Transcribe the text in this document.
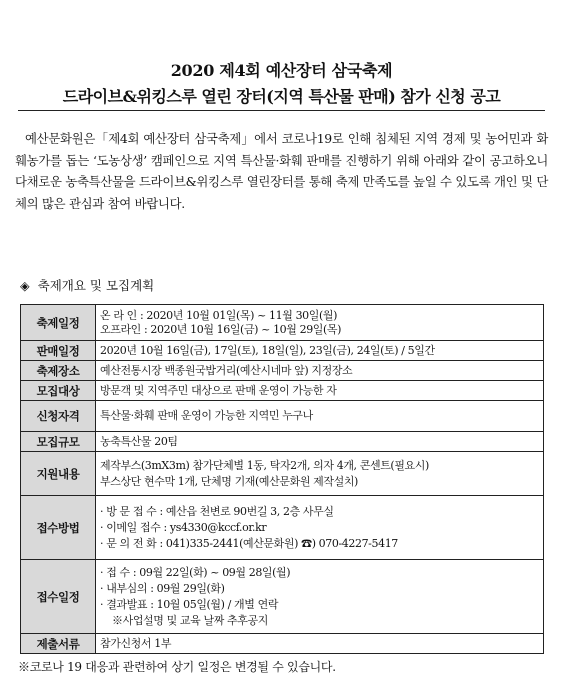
2020 제4회 예산장터 삼국축제
드라이브&위킹스루 열린 장터(지역 특산물 판매) 참가 신청 공고

예산문화원은「제4회 예산장터 삼국축제」에서 코로나19로 인해 침체된 지역 경제 및 농어민과 화훼농가를 돕는 ‘도농상생’ 캠페인으로 지역 특산물·화훼 판매를 진행하기 위해 아래와 같이 공고하오니 다채로운 농축특산물을 드라이브&위킹스루 열린장터를 통해 축제 만족도를 높일 수 있도록 개인 및 단체의 많은 관심과 참여 바랍니다.

◈ 축제개요 및 모집계획
축제일정	온 라 인 : 2020년 10월 01일(목) ~ 11월 30일(월)
오프라인 : 2020년 10월 16일(금) ~ 10월 29일(목)

판매일정	2020년 10월 16일(금), 17일(토), 18일(일), 23일(금), 24일(토) / 5일간

축제장소	예산전통시장 백종원국밥거리(예산시네마 앞) 지정장소

모집대상	방문객 및 지역주민 대상으로 판매 운영이 가능한 자

신청자격	특산물·화훼 판매 운영이 가능한 지역민 누구나

모집규모	농축특산물 20팀

지원내용	제작부스(3mX3m) 참가단체별 1동, 탁자2개, 의자 4개, 콘센트(필요시)
부스상단 현수막 1개, 단체명 기재(예산문화원 제작설치)

접수방법	· 방 문 접 수 : 예산읍 천변로 90번길 3, 2층 사무실
· 이메일 접수 : ys4330@kccf.or.kr
· 문 의 전 화 : 041)335-2441(예산문화원) ☎) 070-4227-5417

접수일정	· 접 수 : 09월 22일(화) ~ 09월 28일(월)
· 내부심의 : 09월 29일(화)
· 결과발표 : 10월 05일(월) / 개별 연락
※사업설명 및 교육 날짜 추후공지

제출서류	참가신청서 1부
※코로나 19 대응과 관련하여 상기 일정은 변경될 수 있습니다.
